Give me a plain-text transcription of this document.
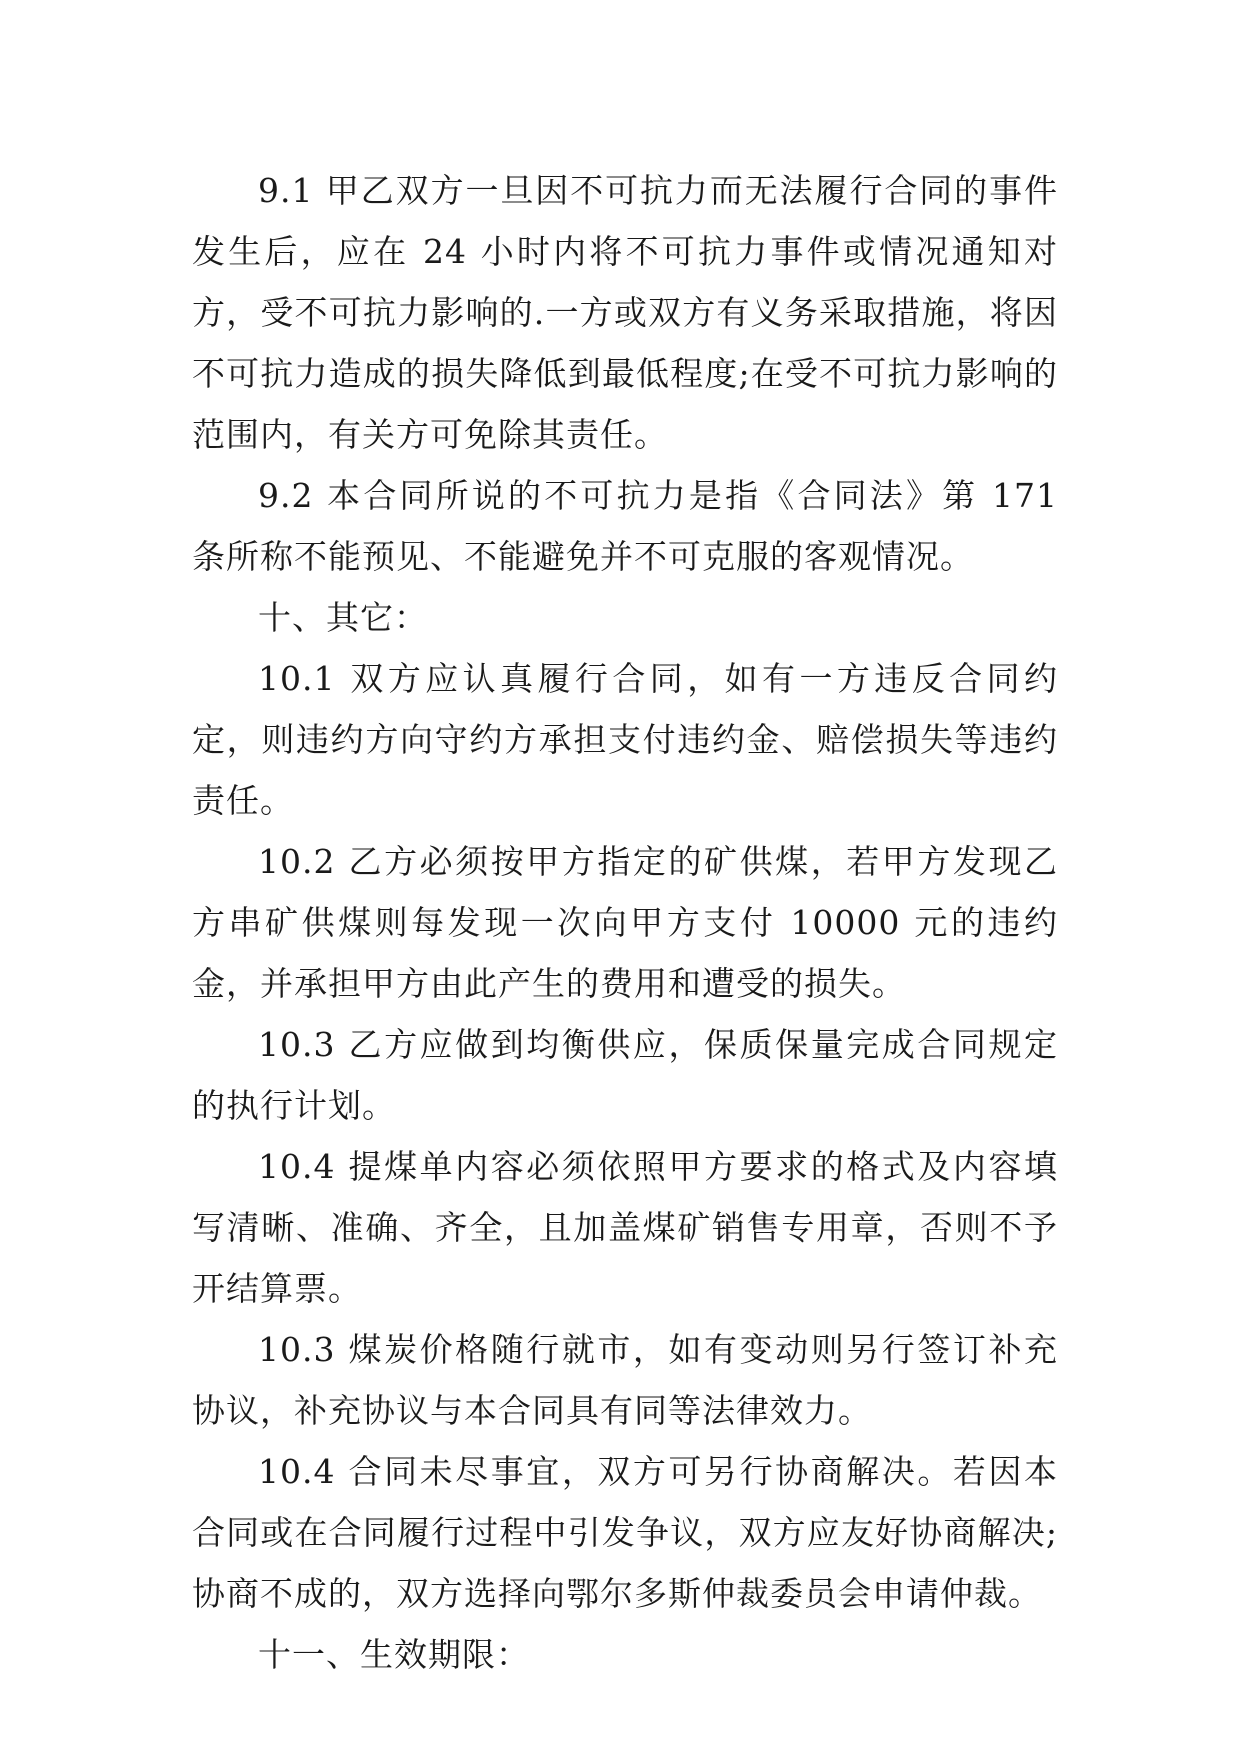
9.1 甲乙双方一旦因不可抗力而无法履行合同的事件发生后，应在 24 小时内将不可抗力事件或情况通知对方，受不可抗力影响的.一方或双方有义务采取措施，将因不可抗力造成的损失降低到最低程度;在受不可抗力影响的范围内，有关方可免除其责任。

9.2 本合同所说的不可抗力是指《合同法》第 171 条所称不能预见、不能避免并不可克服的客观情况。

十、其它：

10.1 双方应认真履行合同，如有一方违反合同约定，则违约方向守约方承担支付违约金、赔偿损失等违约责任。

10.2 乙方必须按甲方指定的矿供煤，若甲方发现乙方串矿供煤则每发现一次向甲方支付 10000 元的违约金，并承担甲方由此产生的费用和遭受的损失。

10.3 乙方应做到均衡供应，保质保量完成合同规定的执行计划。

10.4 提煤单内容必须依照甲方要求的格式及内容填写清晰、准确、齐全，且加盖煤矿销售专用章，否则不予开结算票。

10.3 煤炭价格随行就市，如有变动则另行签订补充协议，补充协议与本合同具有同等法律效力。

10.4 合同未尽事宜，双方可另行协商解决。若因本合同或在合同履行过程中引发争议，双方应友好协商解决;协商不成的，双方选择向鄂尔多斯仲裁委员会申请仲裁。

十一、生效期限：
